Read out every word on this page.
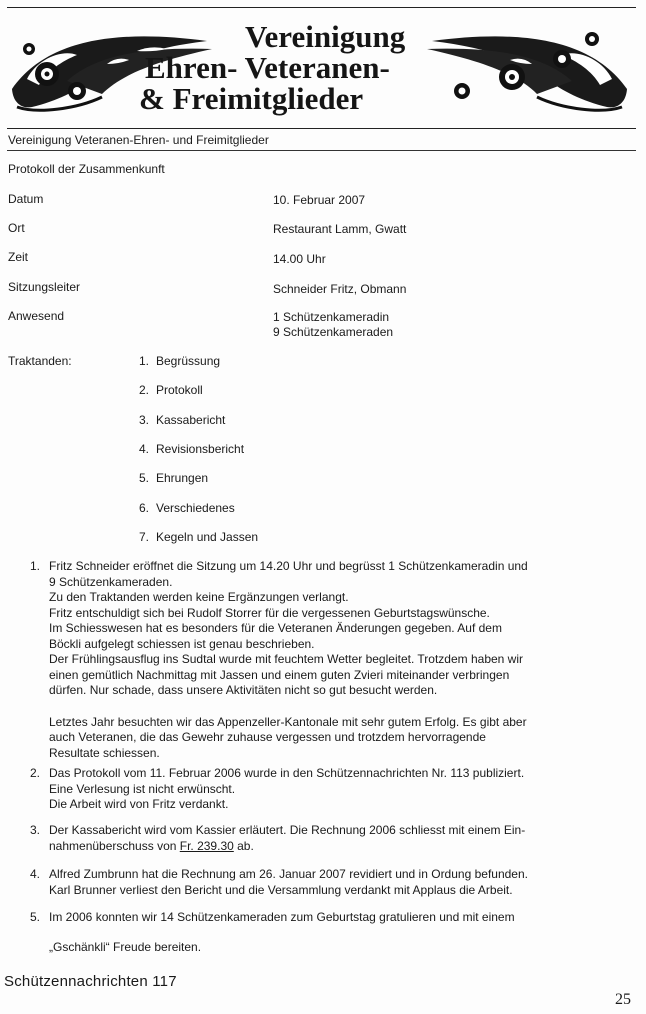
Vereinigung
Ehren- Veteranen-
& Freimitglieder
Vereinigung Veteranen-Ehren- und Freimitglieder
Protokoll der Zusammenkunft
Datum	10. Februar 2007
Ort	Restaurant Lamm, Gwatt
Zeit	14.00 Uhr
Sitzungsleiter	Schneider Fritz, Obmann
Anwesend	1 Schützenkameradin
9 Schützenkameraden
Traktanden:	1. Begrüssung
2. Protokoll
3. Kassabericht
4. Revisionsbericht
5. Ehrungen
6. Verschiedenes
7. Kegeln und Jassen
1. Fritz Schneider eröffnet die Sitzung um 14.20 Uhr und begrüsst 1 Schützenkameradin und

9 Schützenkameraden.

Zu den Traktanden werden keine Ergänzungen verlangt.

Fritz entschuldigt sich bei Rudolf Storrer für die vergessenen Geburtstagswünsche.

Im Schiesswesen hat es besonders für die Veteranen Änderungen gegeben. Auf dem

Böckli aufgelegt schiessen ist genau beschrieben.

Der Frühlingsausflug ins Sudtal wurde mit feuchtem Wetter begleitet. Trotzdem haben wir

einen gemütlich Nachmittag mit Jassen und einem guten Zvieri miteinander verbringen

dürfen. Nur schade, dass unsere Aktivitäten nicht so gut besucht werden.

Letztes Jahr besuchten wir das Appenzeller-Kantonale mit sehr gutem Erfolg. Es gibt aber

auch Veteranen, die das Gewehr zuhause vergessen und trotzdem hervorragende

Resultate schiessen.

2. Das Protokoll vom 11. Februar 2006 wurde in den Schützennachrichten Nr. 113 publiziert.

Eine Verlesung ist nicht erwünscht.

Die Arbeit wird von Fritz verdankt.

3. Der Kassabericht wird vom Kassier erläutert. Die Rechnung 2006 schliesst mit einem Ein-

nahmenüberschuss von Fr. 239.30 ab.

4. Alfred Zumbrunn hat die Rechnung am 26. Januar 2007 revidiert und in Ordung befunden.

Karl Brunner verliest den Bericht und die Versammlung verdankt mit Applaus die Arbeit.

5. Im 2006 konnten wir 14 Schützenkameraden zum Geburtstag gratulieren und mit einem

„Gschänkli“ Freude bereiten.

Schützennachrichten 117
25
